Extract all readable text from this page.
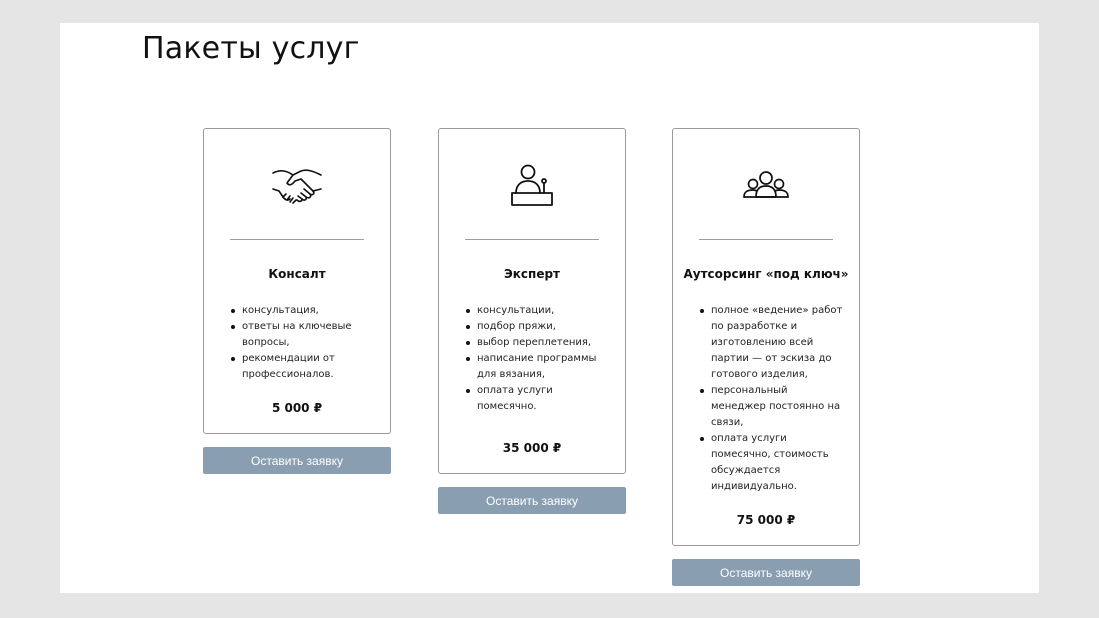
Пакеты услуг
Консалт
консультация,
ответы на ключевые вопросы,
рекомендации от профессионалов.
5 000 ₽
Оставить заявку
Эксперт
консультации,
подбор пряжи,
выбор переплетения,
написание программы для вязания,
оплата услуги помесячно.
35 000 ₽
Оставить заявку
Аутсорсинг «под ключ»
полное «ведение» работ по разработке и изготовлению всей партии — от эскиза до готового изделия,
персональный менеджер постоянно на связи,
оплата услуги помесячно, стоимость обсуждается индивидуально.
75 000 ₽
Оставить заявку
